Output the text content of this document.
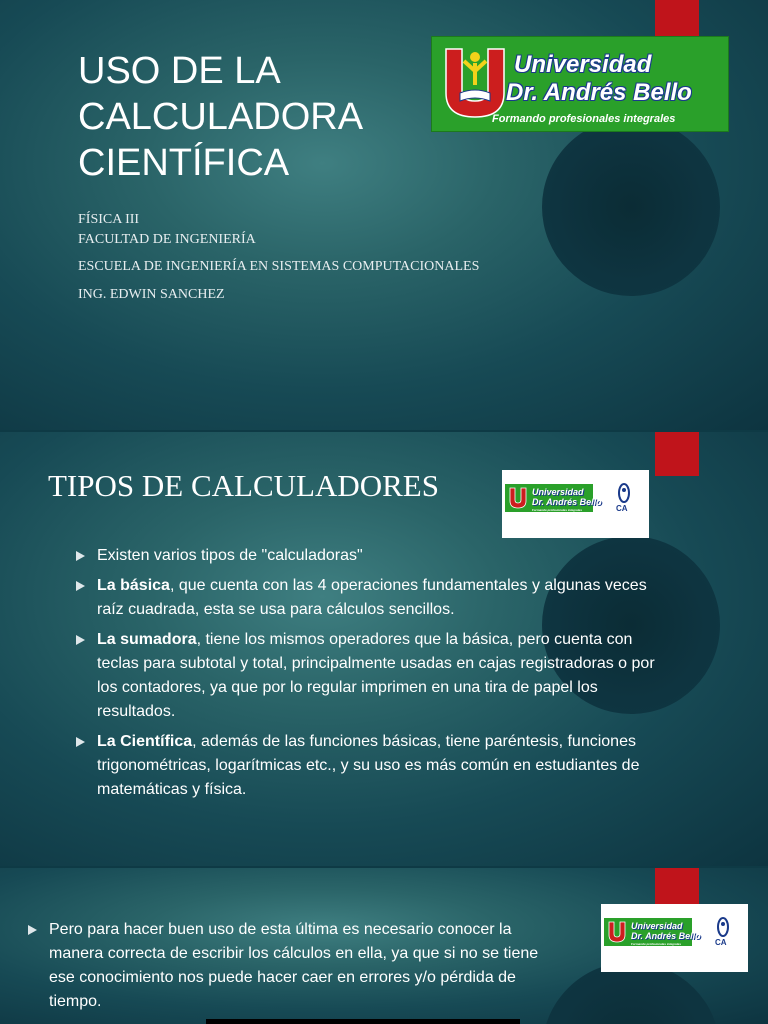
USO DE LA
CALCULADORA
CIENTÍFICA
FÍSICA III
FACULTAD DE INGENIERÍA
ESCUELA DE INGENIERÍA EN SISTEMAS COMPUTACIONALES
ING. EDWIN SANCHEZ
Universidad
Dr. Andrés Bello
Formando profesionales integrales
TIPOS DE CALCULADORES	Universidad
Dr. Andrés Bello
Formando profesionales integrales	CA
Existen varios tipos de "calculadoras"
La básica, que cuenta con las 4 operaciones fundamentales y algunas veces raíz cuadrada, esta se usa para cálculos sencillos.
La sumadora, tiene los mismos operadores que la básica, pero cuenta con teclas para subtotal y total, principalmente usadas en cajas registradoras o por los contadores, ya que por lo regular imprimen en una tira de papel los resultados.
La Científica, además de las funciones básicas, tiene paréntesis, funciones trigonométricas, logarítmicas etc., y su uso es más común en estudiantes de matemáticas y física.
Pero para hacer buen uso de esta última es necesario conocer la manera correcta de escribir los cálculos en ella, ya que si no se tiene ese conocimiento nos puede hacer caer en errores y/o pérdida de tiempo.
Universidad
Dr. Andrés Bello
Formando profesionales integrales	CA
